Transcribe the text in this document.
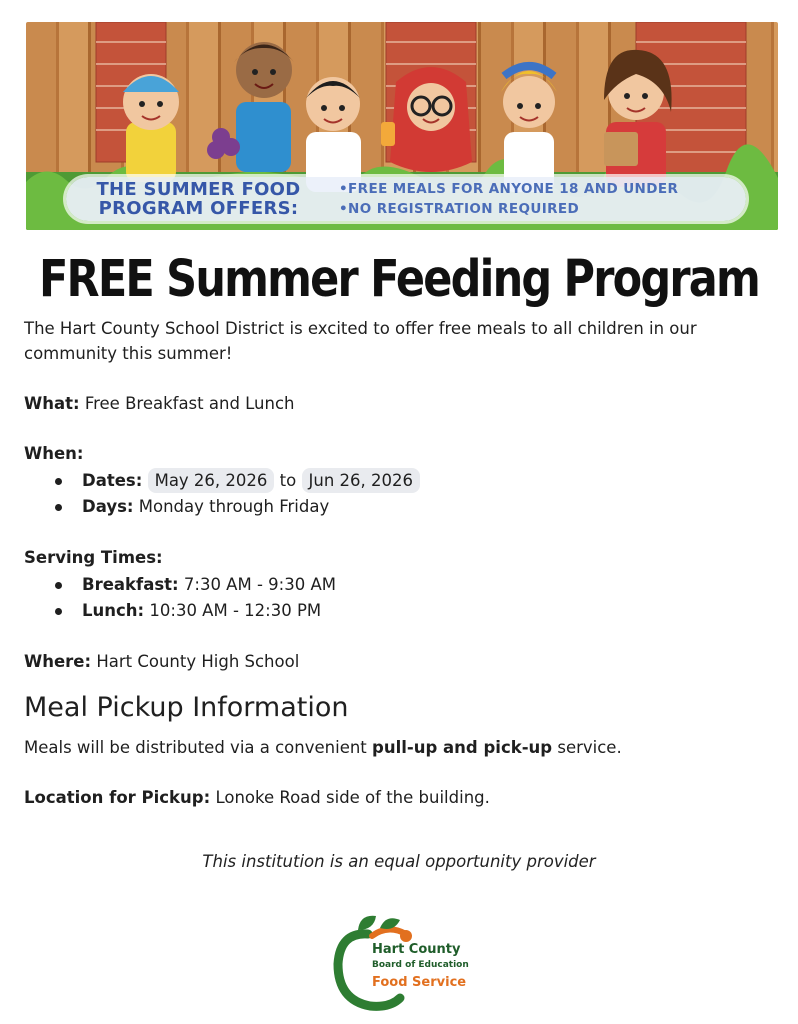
THE SUMMER FOOD
PROGRAM OFFERS:
•FREE MEALS FOR ANYONE 18 AND UNDER
•NO REGISTRATION REQUIRED
FREE Summer Feeding Program

The Hart County School District is excited to offer free meals to all children in our community this summer!

What: Free Breakfast and Lunch

When:

Dates: May 26, 2026 to Jun 26, 2026
Days: Monday through Friday

Serving Times:

Breakfast: 7:30 AM - 9:30 AM
Lunch: 10:30 AM - 12:30 PM

Where: Hart County High School

Meal Pickup Information

Meals will be distributed via a convenient pull-up and pick-up service.

Location for Pickup: Lonoke Road side of the building.

This institution is an equal opportunity provider
Hart County
Board of Education
Food Service
